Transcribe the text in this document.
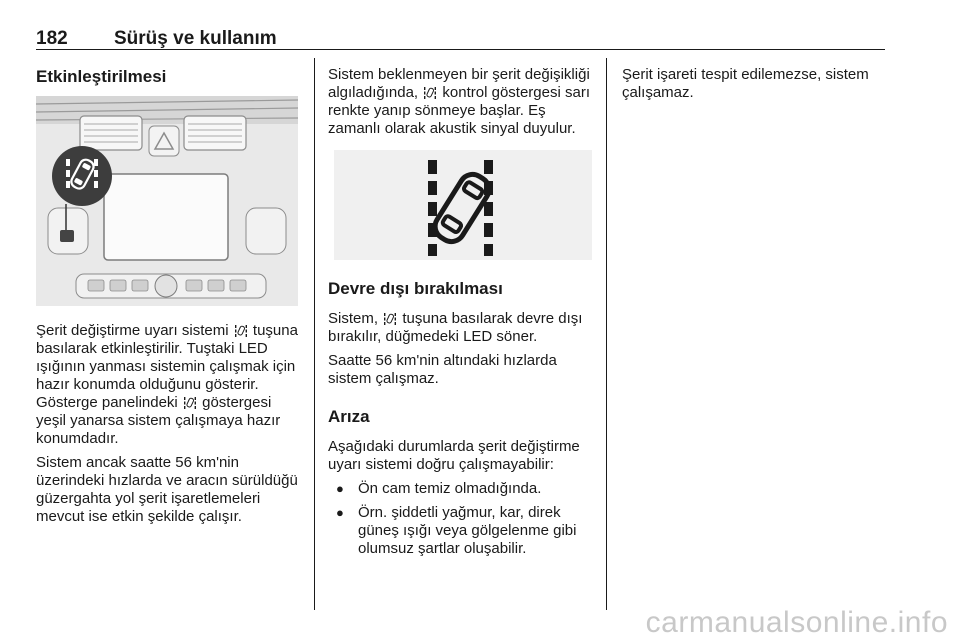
182 Sürüş ve kullanım
Etkinleştirilmesi
Şerit değiştirme uyarı sistemi tuşuna basılarak etkinleştirilir. Tuştaki LED ışığının yanması sistemin çalışmak için hazır konumda olduğunu gösterir. Gösterge panelindeki göstergesi yeşil yanarsa sistem çalışmaya hazır konumdadır.
Sistem ancak saatte 56 km'nin üzerindeki hızlarda ve aracın sürüldüğü güzergahta yol şerit işaretlemeleri mevcut ise etkin şekilde çalışır.
Sistem beklenmeyen bir şerit değişikliği algıladığında, kontrol göstergesi sarı renkte yanıp sönmeye başlar. Eş zamanlı olarak akustik sinyal duyulur.
Devre dışı bırakılması
Sistem, tuşuna basılarak devre dışı bırakılır, düğmedeki LED söner.
Saatte 56 km'nin altındaki hızlarda sistem çalışmaz.
Arıza
Aşağıdaki durumlarda şerit değiştirme uyarı sistemi doğru çalışmayabilir:
● Ön cam temiz olmadığında.
● Örn. şiddetli yağmur, kar, direk güneş ışığı veya gölgelenme gibi olumsuz şartlar oluşabilir.
Şerit işareti tespit edilemezse, sistem çalışamaz.
carmanualsonline.info
